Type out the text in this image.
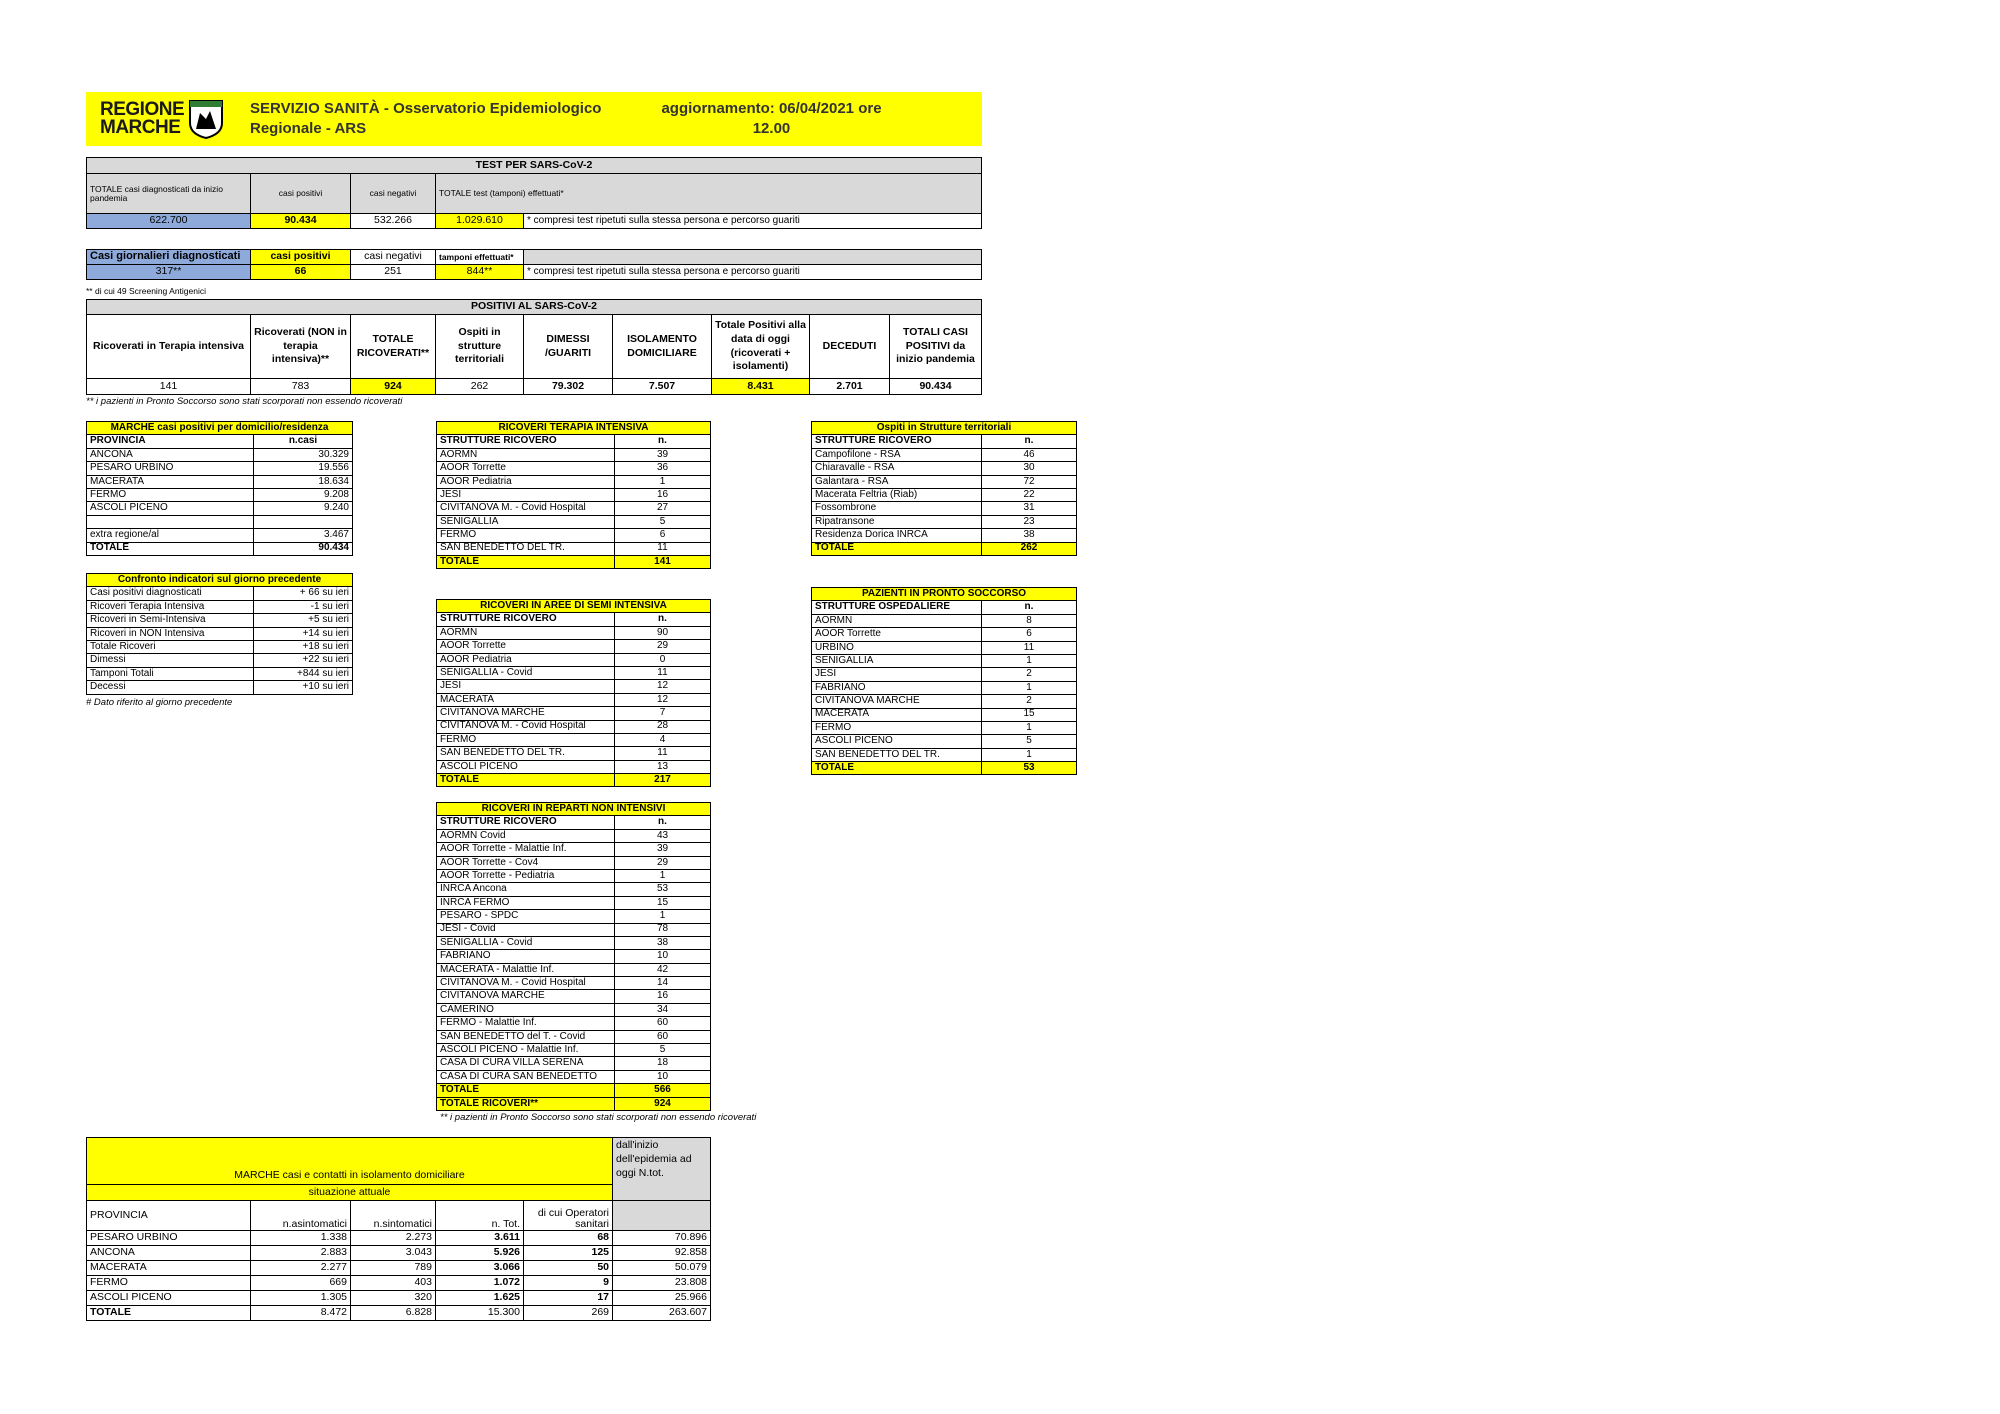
REGIONE
MARCHE
SERVIZIO SANITÀ - Osservatorio Epidemiologico
Regionale - ARS
aggiornamento: 06/04/2021 ore
12.00
TEST PER SARS-CoV-2				
TOTALE casi diagnosticati da inizio pandemia	casi positivi	casi negativi	TOTALE test (tamponi) effettuati*	
622.700	90.434	532.266	1.029.610	* compresi test ripetuti sulla stessa persona e percorso guariti
Casi giornalieri diagnosticati	casi positivi	casi negativi	tamponi effettuati*	
317**	66	251	844**	* compresi test ripetuti sulla stessa persona e percorso guariti
** di cui 49 Screening Antigenici
POSITIVI AL SARS-CoV-2								
Ricoverati in Terapia intensiva	Ricoverati (NON in terapia intensiva)**	TOTALE RICOVERATI**	Ospiti in strutture territoriali	DIMESSI /GUARITI	ISOLAMENTO DOMICILIARE	Totale Positivi alla data di oggi (ricoverati + isolamenti)	DECEDUTI	TOTALI CASI POSITIVI da inizio pandemia
141	783	924	262	79.302	7.507	8.431	2.701	90.434
** i pazienti in Pronto Soccorso sono stati scorporati non essendo ricoverati
MARCHE casi positivi per domicilio/residenza	
PROVINCIA	n.casi
ANCONA	30.329
PESARO URBINO	19.556
MACERATA	18.634
FERMO	9.208
ASCOLI PICENO	9.240

extra regione/al	3.467
TOTALE	90.434
Confronto indicatori sul giorno precedente	
Casi positivi diagnosticati	+ 66 su ieri
Ricoveri Terapia Intensiva	-1 su ieri
Ricoveri in Semi-Intensiva	+5 su ieri
Ricoveri in NON Intensiva	+14 su ieri
Totale Ricoveri	+18 su ieri
Dimessi	+22 su ieri
Tamponi Totali	+844 su ieri
Decessi	+10 su ieri
# Dato riferito al giorno precedente
RICOVERI TERAPIA INTENSIVA	
STRUTTURE RICOVERO	n.
AORMN	39
AOOR Torrette	36
AOOR Pediatria	1
JESI	16
CIVITANOVA M. - Covid Hospital	27
SENIGALLIA	5
FERMO	6
SAN BENEDETTO DEL TR.	11
TOTALE	141
RICOVERI IN AREE DI SEMI INTENSIVA	
STRUTTURE RICOVERO	n.
AORMN	90
AOOR Torrette	29
AOOR Pediatria	0
SENIGALLIA - Covid	11
JESI	12
MACERATA	12
CIVITANOVA MARCHE	7
CIVITANOVA M. - Covid Hospital	28
FERMO	4
SAN BENEDETTO DEL TR.	11
ASCOLI PICENO	13
TOTALE	217
RICOVERI IN REPARTI NON INTENSIVI	
STRUTTURE RICOVERO	n.
AORMN Covid	43
AOOR Torrette - Malattie Inf.	39
AOOR Torrette - Cov4	29
AOOR Torrette - Pediatria	1
INRCA Ancona	53
INRCA FERMO	15
PESARO - SPDC	1
JESI - Covid	78
SENIGALLIA - Covid	38
FABRIANO	10
MACERATA - Malattie Inf.	42
CIVITANOVA M. - Covid Hospital	14
CIVITANOVA MARCHE	16
CAMERINO	34
FERMO - Malattie Inf.	60
SAN BENEDETTO del T. - Covid	60
ASCOLI PICENO - Malattie Inf.	5
CASA DI CURA VILLA SERENA	18
CASA DI CURA SAN BENEDETTO	10
TOTALE	566
TOTALE RICOVERI**	924
** i pazienti in Pronto Soccorso sono stati scorporati non essendo ricoverati
Ospiti in Strutture territoriali	
STRUTTURE RICOVERO	n.
Campofilone - RSA	46
Chiaravalle - RSA	30
Galantara - RSA	72
Macerata Feltria (Riab)	22
Fossombrone	31
Ripatransone	23
Residenza Dorica INRCA	38
TOTALE	262
PAZIENTI IN PRONTO SOCCORSO	
STRUTTURE OSPEDALIERE	n.
AORMN	8
AOOR Torrette	6
URBINO	11
SENIGALLIA	1
JESI	2
FABRIANO	1
CIVITANOVA MARCHE	2
MACERATA	15
FERMO	1
ASCOLI PICENO	5
SAN BENEDETTO DEL TR.	1
TOTALE	53
MARCHE casi e contatti in isolamento domiciliare					dall'inizio dell'epidemia ad oggi N.tot.
situazione attuale					
PROVINCIA	n.asintomatici	n.sintomatici	n. Tot.	di cui Operatori sanitari	
PESARO URBINO	1.338	2.273	3.611	68	70.896
ANCONA	2.883	3.043	5.926	125	92.858
MACERATA	2.277	789	3.066	50	50.079
FERMO	669	403	1.072	9	23.808
ASCOLI PICENO	1.305	320	1.625	17	25.966
TOTALE	8.472	6.828	15.300	269	263.607
